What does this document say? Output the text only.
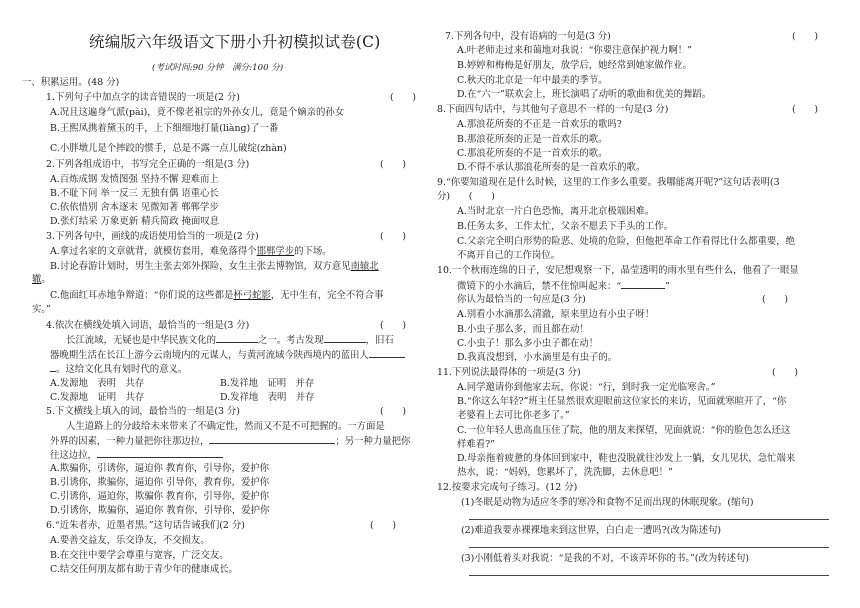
统编版六年级语文下册小升初模拟试卷(C)
(考试时间:90 分钟　满分:100 分)
一、积累运用。(48 分)
1.下列句子中加点字的读音错误的一项是(2 分)	(　　)
A.况且这遍身气派(pài)，竟不像老祖宗的外孙女儿，竟是个嫡亲的孙女
B.王熙凤携着黛玉的手，上下细细地打量(liàng)了一番
C.小胖墩儿是个摔跤的惯手，总是不露一点儿破绽(zhàn)
2.下列各组成语中，书写完全正确的一组是(3 分)	(　　)
A.百炼成钢 发愤图强 坚持不懈 迎难而上
B.不耻下问 举一反三 无独有偶 语重心长
C.依依惜别 舍本逐末 见微知著 郸郸学步
D.张灯结采 万象更新 精兵简政 掩面叹息
3.下列各句中，画线的成语使用恰当的一项是(2 分)	(　　)
A.拿过名家的文章就背，就模仿套用，难免落得个邯郸学步的下场。
B.讨论春游计划时，男生主张去郊外探险，女生主张去博物馆，双方意见南辕北
辙。
C.他面红耳赤地争辩道：“你们说的这些都是杯弓蛇影，无中生有，完全不符合事
实。”
4.依次在横线处填入词语，最恰当的一组是(3 分)	(　　)
长江流域，无疑也是中华民族文化的	之一。考古发现	，旧石
器晚期生活在长江上游今云南境内的元谋人，与黄河流域今陕西境内的蓝田人
。这给文化具有划时代的意义。
A.发源地　表明　共存	B.发祥地　证明　并存
C.发源地　证明　共存	D.发祥地　表明　并存
5.下文横线上填入的词，最恰当的一组是(3 分)	(　　)
人生道路上的分歧给未来带来了不确定性，然而又不是不可把握的。一方面是
外界的因素，一种力量把你往那边拉，	；另一种力量把你
往这边拉，
A.欺骗你，引诱你，逼迫你 教育你，引导你，爱护你
B.引诱你，欺骗你，逼迫你 引导你，教育你，爱护你
C.引诱你，逼迫你，欺骗你 教育你，引导你，爱护你
D.引诱你，欺骗你，逼迫你 教育你，引导你，爱护你
6.“近朱者赤，近墨者黑。”这句话告诫我们(2 分)	(　　)
A.要善交益友，乐交诤友，不交损友。
B.在交往中要学会尊重与宽容，广泛交友。
C.结交任何朋友都有助于青少年的健康成长。
7.下列各句中，没有语病的一句是(3 分)	(　　)
A.叶老师走过来和蔼地对我说：“你要注意保护视力啊！”
B.婷婷和梅梅是好朋友，放学后，她经常到她家做作业。
C.秋天的北京是一年中最美的季节。
D.在“六一”联欢会上，班长演唱了动听的歌曲和优美的舞蹈。
8.下面四句话中，与其他句子意思不一样的一句是(3 分)	(　　)
A.那浪花所奏的不正是一首欢乐的歌吗?
B.那浪花所奏的正是一首欢乐的歌。
C.那浪花所奏的不是一首欢乐的歌。
D.不得不承认那浪花所奏的是一首欢乐的歌。
9.“你要知道现在是什么时候，这里的工作多么重要。我哪能离开呢?”这句话表明(3
分)　　(　　)
A.当时北京一片白色恐怖，离开北京极端困难。
B.任务太多，工作太忙，父亲不愿丢下手头的工作。
C.父亲完全明白形势的险恶、处境的危险，但他把革命工作看得比什么都重要，绝
不离开自己的工作岗位。
10.一个秋雨连绵的日子，安尼想观察一下，晶莹透明的雨水里有些什么，他看了一眼显
微镜下的小水滴后，禁不住惊叫起来：“	”
你认为最恰当的一句应是(3 分)	(　　)
A.别看小水滴那么清澈，原来里边有小虫子呀！
B.小虫子那么多，而且都在动！
C.小虫子！那么多小虫子都在动！
D.我真没想到，小水滴里是有虫子的。
11.下列说法最得体的一项是(3 分)	(　　)
A.同学邀请你到他家去玩，你说：“行，到时我一定光临寒舍。”
B.“你这么年轻?”班主任显然很欢迎眼前这位家长的来访，见面就寒暄开了，“你
老婆看上去可比你老多了。”
C.一位年轻人患高血压住了院，他的朋友来探望，见面就说：“你的脸色怎么还这
样难看?”
D.母亲拖着疲惫的身体回到家中，鞋也没脱就往沙发上一躺，女儿见状，急忙端来
热水，说：“妈妈，您累坏了，洗洗脚，去休息吧！”
12.按要求完成句子练习。(12 分)
(1)冬眠是动物为适应冬季的寒冷和食物不足而出现的休眠现象。(缩句)
(2)难道我要赤裸裸地来到这世界，白白走一遭吗?(改为陈述句)
(3)小刚低着头对我说：“是我的不对，不该弄坏你的书。”(改为转述句)
